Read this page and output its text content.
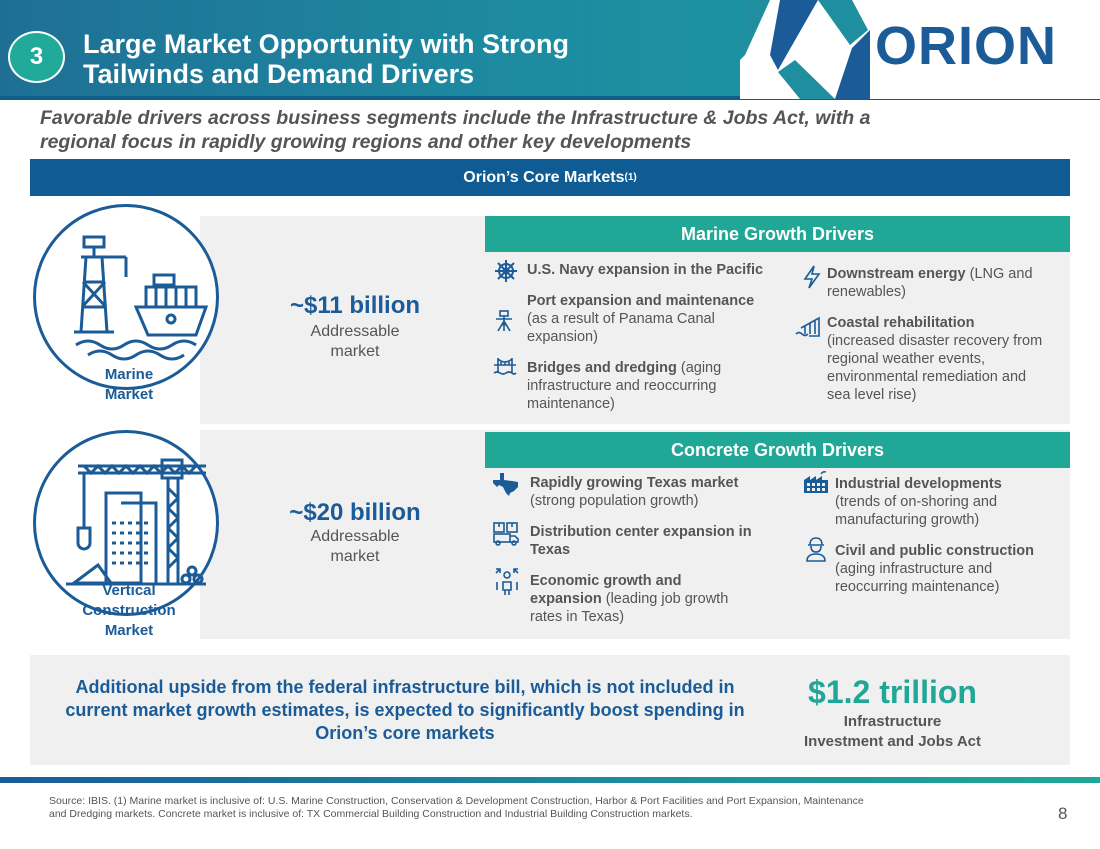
3	Large Market Opportunity with Strong
Tailwinds and Demand Drivers	ORION
Favorable drivers across business segments include the Infrastructure & Jobs Act, with a
regional focus in rapidly growing regions and other key developments
Orion’s Core Markets (1)
Marine
Market
~$11 billion
Addressable
market
Marine Growth Drivers
U.S. Navy expansion in the Pacific
Port expansion and maintenance
(as a result of Panama Canal expansion)
Bridges and dredging (aging infrastructure and reoccurring maintenance)
Downstream energy (LNG and renewables)
Coastal rehabilitation
(increased disaster recovery from regional weather events, environmental remediation and sea level rise)
Vertical
Construction
Market
~$20 billion
Addressable
market
Concrete Growth Drivers
Rapidly growing Texas market
(strong population growth)
Distribution center expansion in Texas
Economic growth and expansion (leading job growth rates in Texas)
Industrial developments
(trends of on-shoring and manufacturing growth)
Civil and public construction
(aging infrastructure and reoccurring maintenance)
Additional upside from the federal infrastructure bill, which is not included in current market growth estimates, is expected to significantly boost spending in Orion’s core markets
$1.2 trillion
Infrastructure
Investment and Jobs Act
Source: IBIS. (1) Marine market is inclusive of: U.S. Marine Construction, Conservation & Development Construction, Harbor & Port Facilities and Port Expansion, Maintenance and Dredging markets. Concrete market is inclusive of: TX Commercial Building Construction and Industrial Building Construction markets.	8
